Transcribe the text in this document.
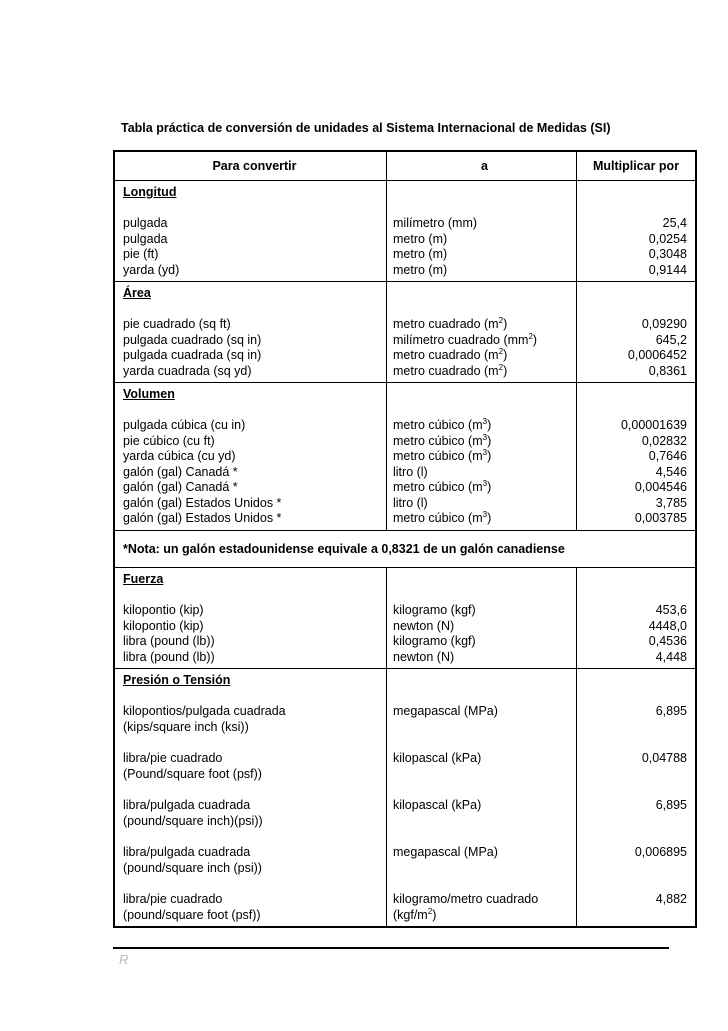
Tabla práctica de conversión de unidades al Sistema Internacional de Medidas (SI)
Para convertir	a	Multiplicar por
Longitud
pulgada
pulgada
pie (ft)
yarda (yd)
milímetro (mm)
metro (m)
metro (m)
metro (m)
25,4
0,0254
0,3048
0,9144
Área
pie cuadrado (sq ft)
pulgada cuadrado (sq in)
pulgada cuadrada (sq in)
yarda cuadrada (sq yd)
metro cuadrado $(m^2)$
milímetro cuadrado $(mm^2)$
metro cuadrado $(m^2)$
metro cuadrado $(m^2)$
0,09290
645,2
0,0006452
0,8361
Volumen
pulgada cúbica (cu in)
pie cúbico (cu ft)
yarda cúbica (cu yd)
galón (gal) Canadá *
galón (gal) Canadá *
galón (gal) Estados Unidos *
galón (gal) Estados Unidos *
metro cúbico $(m^3)$
metro cúbico $(m^3)$
metro cúbico $(m^3)$
litro (l)
metro cúbico $(m^3)$
litro (l)
metro cúbico $(m^3)$
0,00001639
0,02832
0,7646
4,546
0,004546
3,785
0,003785
*Nota: un galón estadounidense equivale a 0,8321 de un galón canadiense
Fuerza
kilopontio (kip)
kilopontio (kip)
libra (pound (lb))
libra (pound (lb))
kilogramo (kgf)
newton (N)
kilogramo (kgf)
newton (N)
453,6
4448,0
0,4536
4,448
Presión o Tensión
kilopontios/pulgada cuadrada
(kips/square inch (ksi))
libra/pie cuadrado
(Pound/square foot (psf))
libra/pulgada cuadrada
(pound/square inch)(psi))
libra/pulgada cuadrada
(pound/square inch (psi))
libra/pie cuadrado
(pound/square foot (psf))
megapascal (MPa)
kilopascal (kPa)
kilopascal (kPa)
megapascal (MPa)
kilogramo/metro cuadrado
$(kgf/m^2)$
6,895
0,04788
6,895
0,006895
4,882
R
